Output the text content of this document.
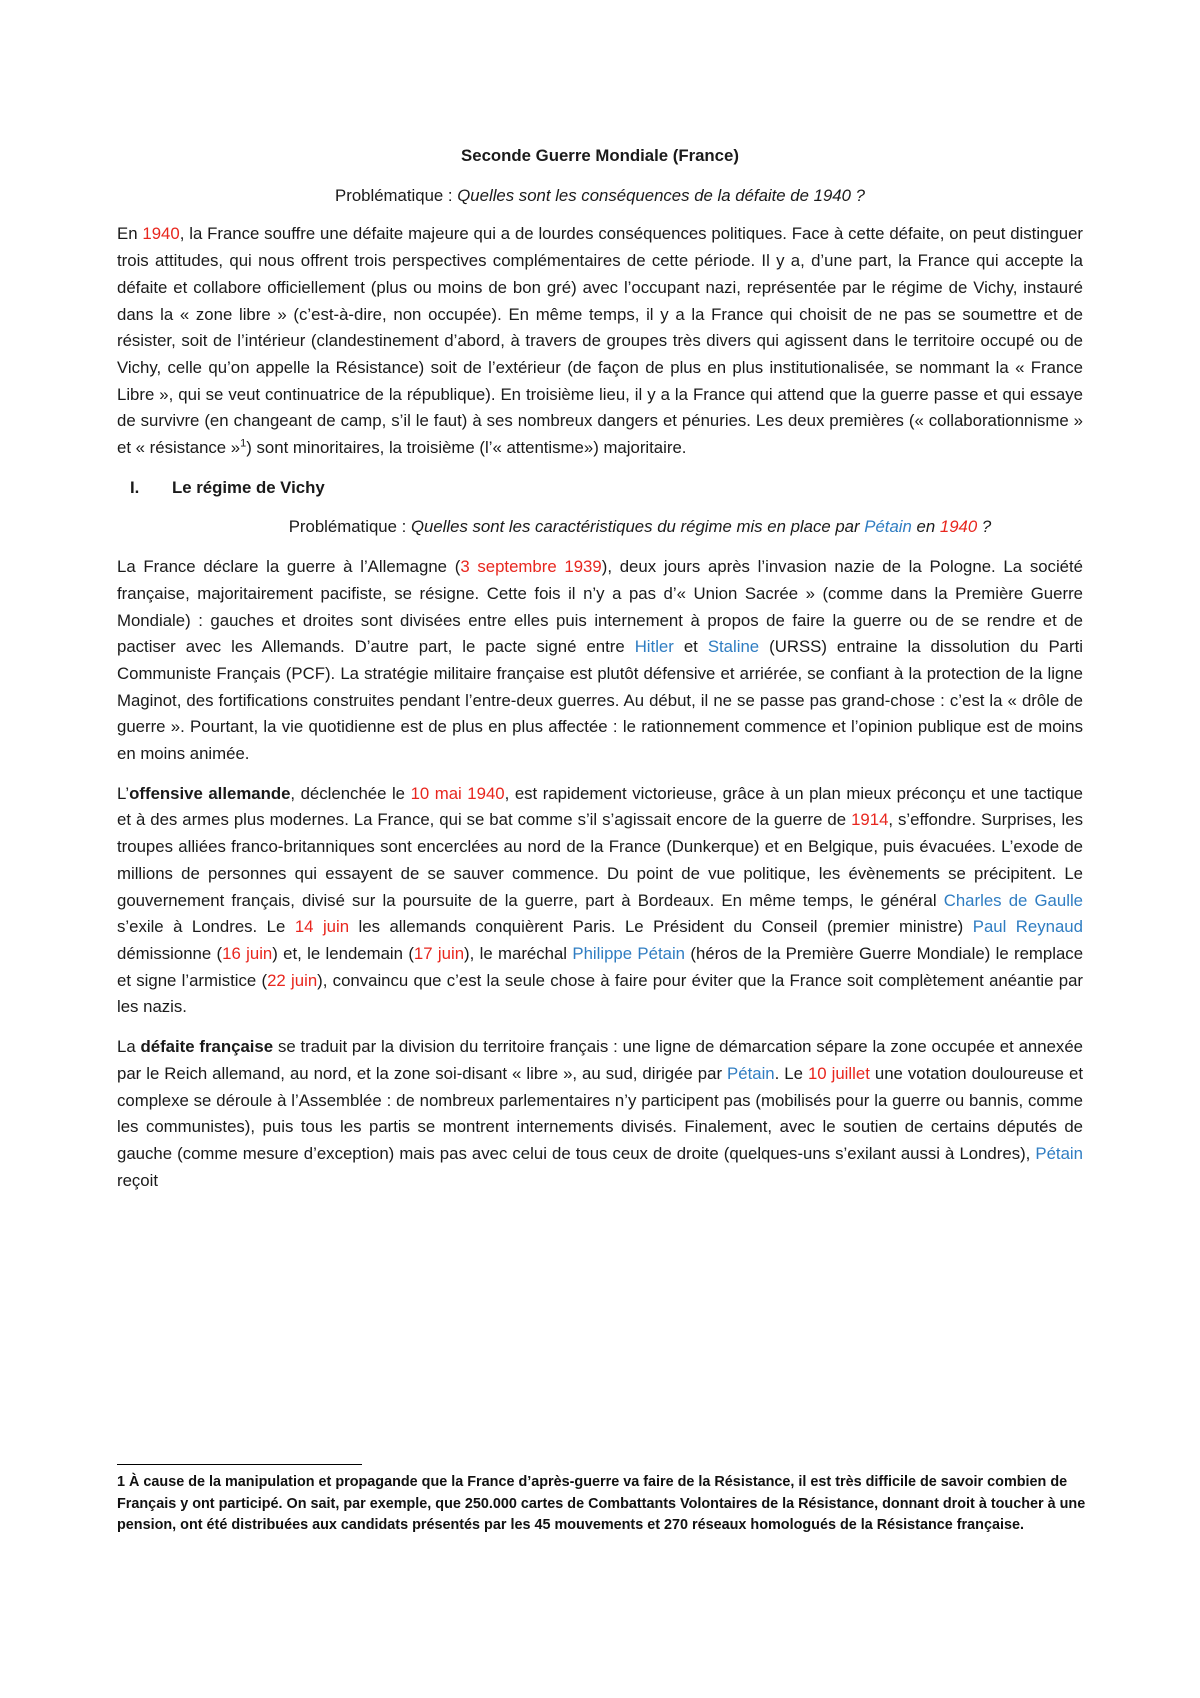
Seconde Guerre Mondiale (France)
Problématique : Quelles sont les conséquences de la défaite de 1940 ?

En 1940, la France souffre une défaite majeure qui a de lourdes conséquences politiques. Face à cette défaite, on peut distinguer trois attitudes, qui nous offrent trois perspectives complémentaires de cette période. Il y a, d’une part, la France qui accepte la défaite et collabore officiellement (plus ou moins de bon gré) avec l’occupant nazi, représentée par le régime de Vichy, instauré dans la « zone libre » (c’est-à-dire, non occupée). En même temps, il y a la France qui choisit de ne pas se soumettre et de résister, soit de l’intérieur (clandestinement d’abord, à travers de groupes très divers qui agissent dans le territoire occupé ou de Vichy, celle qu’on appelle la Résistance) soit de l’extérieur (de façon de plus en plus institutionalisée, se nommant la « France Libre », qui se veut continuatrice de la république). En troisième lieu, il y a la France qui attend que la guerre passe et qui essaye de survivre (en changeant de camp, s’il le faut) à ses nombreux dangers et pénuries. Les deux premières (« collaborationnisme » et « résistance »$^1$) sont minoritaires, la troisième (l’« attentisme») majoritaire.

I. Le régime de Vichy
Problématique : Quelles sont les caractéristiques du régime mis en place par Pétain en 1940 ?

La France déclare la guerre à l’Allemagne (3 septembre 1939), deux jours après l’invasion nazie de la Pologne. La société française, majoritairement pacifiste, se résigne. Cette fois il n’y a pas d’« Union Sacrée » (comme dans la Première Guerre Mondiale) : gauches et droites sont divisées entre elles puis internement à propos de faire la guerre ou de se rendre et de pactiser avec les Allemands. D’autre part, le pacte signé entre Hitler et Staline (URSS) entraine la dissolution du Parti Communiste Français (PCF). La stratégie militaire française est plutôt défensive et arriérée, se confiant à la protection de la ligne Maginot, des fortifications construites pendant l’entre-deux guerres. Au début, il ne se passe pas grand-chose : c’est la « drôle de guerre ». Pourtant, la vie quotidienne est de plus en plus affectée : le rationnement commence et l’opinion publique est de moins en moins animée.

L’offensive allemande, déclenchée le 10 mai 1940, est rapidement victorieuse, grâce à un plan mieux préconçu et une tactique et à des armes plus modernes. La France, qui se bat comme s’il s’agissait encore de la guerre de 1914, s’effondre. Surprises, les troupes alliées franco-britanniques sont encerclées au nord de la France (Dunkerque) et en Belgique, puis évacuées. L’exode de millions de personnes qui essayent de se sauver commence. Du point de vue politique, les évènements se précipitent. Le gouvernement français, divisé sur la poursuite de la guerre, part à Bordeaux. En même temps, le général Charles de Gaulle s’exile à Londres. Le 14 juin les allemands conquièrent Paris. Le Président du Conseil (premier ministre) Paul Reynaud démissionne (16 juin) et, le lendemain (17 juin), le maréchal Philippe Pétain (héros de la Première Guerre Mondiale) le remplace et signe l’armistice (22 juin), convaincu que c’est la seule chose à faire pour éviter que la France soit complètement anéantie par les nazis.

La défaite française se traduit par la division du territoire français : une ligne de démarcation sépare la zone occupée et annexée par le Reich allemand, au nord, et la zone soi-disant « libre », au sud, dirigée par Pétain. Le 10 juillet une votation douloureuse et complexe se déroule à l’Assemblée : de nombreux parlementaires n’y participent pas (mobilisés pour la guerre ou bannis, comme les communistes), puis tous les partis se montrent internements divisés. Finalement, avec le soutien de certains députés de gauche (comme mesure d’exception) mais pas avec celui de tous ceux de droite (quelques-uns s’exilant aussi à Londres), Pétain reçoit

1 À cause de la manipulation et propagande que la France d’après-guerre va faire de la Résistance, il est très difficile de savoir combien de Français y ont participé. On sait, par exemple, que 250.000 cartes de Combattants Volontaires de la Résistance, donnant droit à toucher à une pension, ont été distribuées aux candidats présentés par les 45 mouvements et 270 réseaux homologués de la Résistance française.
